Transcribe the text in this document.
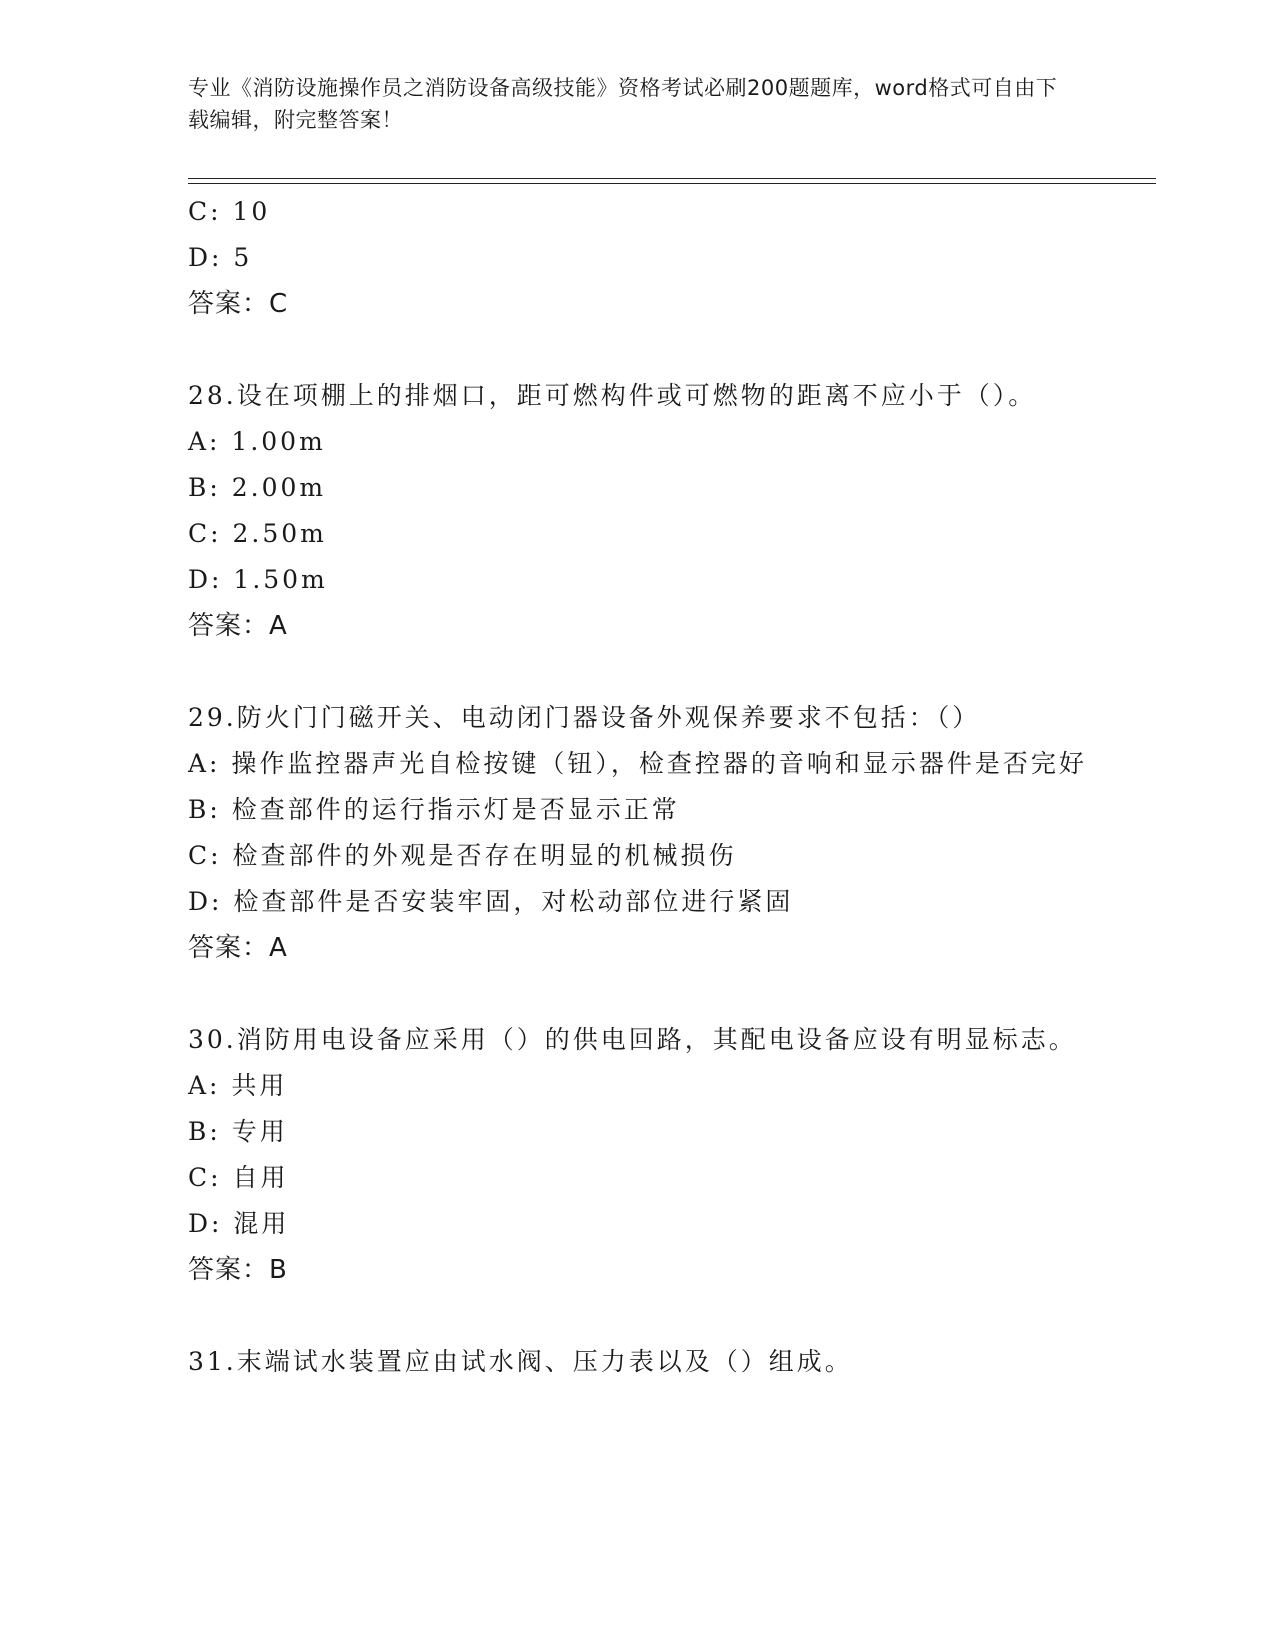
专业《消防设施操作员之消防设备高级技能》资格考试必刷200题题库，word格式可自由下载编辑，附完整答案！
C: 10
D: 5
答案：C
28.设在项棚上的排烟口，距可燃构件或可燃物的距离不应小于（）。
A: 1.00m
B: 2.00m
C: 2.50m
D: 1.50m
答案：A
29.防火门门磁开关、电动闭门器设备外观保养要求不包括：（）
A: 操作监控器声光自检按键（钮），检查控器的音响和显示器件是否完好
B: 检查部件的运行指示灯是否显示正常
C: 检查部件的外观是否存在明显的机械损伤
D: 检查部件是否安装牢固，对松动部位进行紧固
答案：A
30.消防用电设备应采用（）的供电回路，其配电设备应设有明显标志。
A: 共用
B: 专用
C: 自用
D: 混用
答案：B
31.末端试水装置应由试水阀、压力表以及（）组成。
